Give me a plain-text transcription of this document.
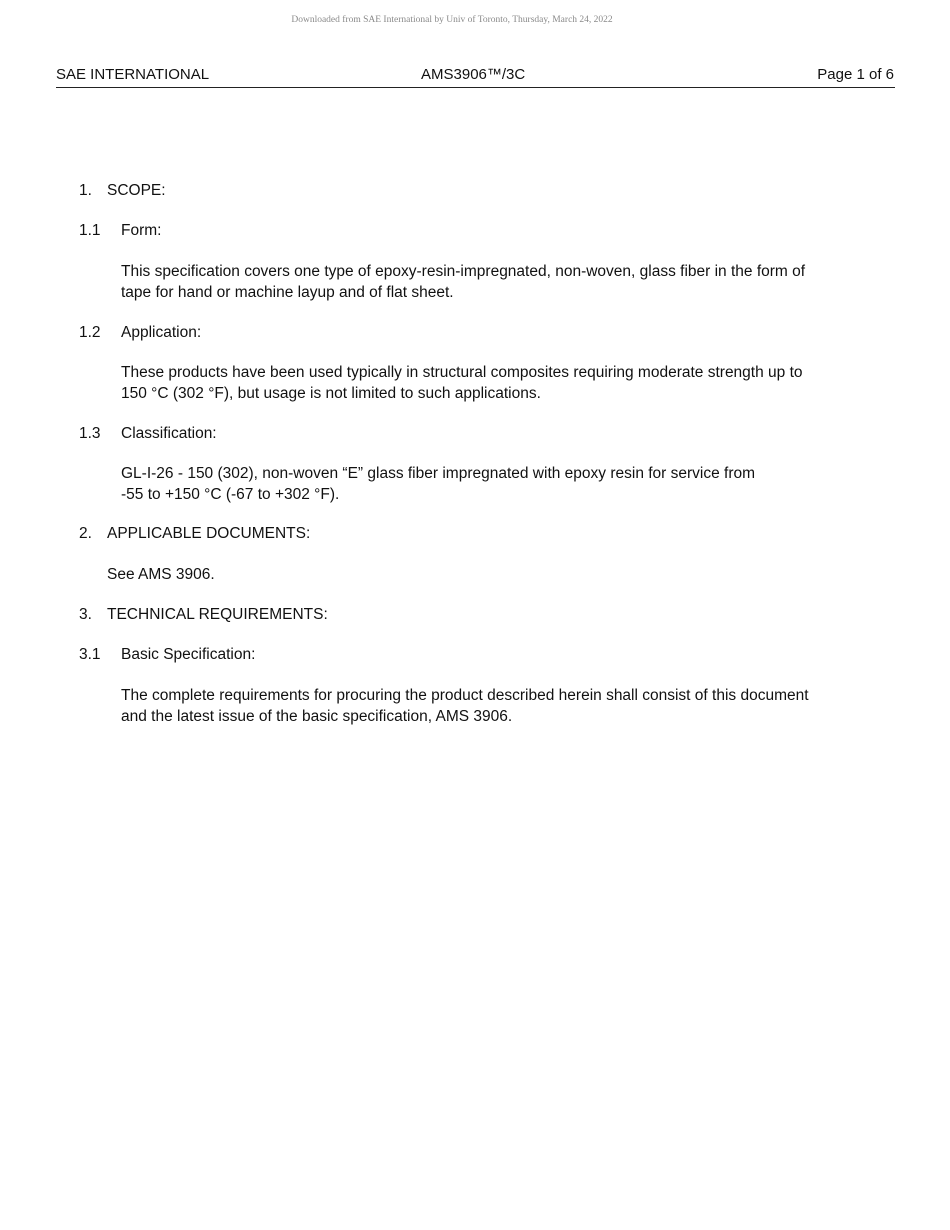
Downloaded from SAE International by Univ of Toronto, Thursday, March 24, 2022
SAE INTERNATIONAL	AMS3906™/3C	Page 1 of 6
1. SCOPE:
1.1 Form:
This specification covers one type of epoxy-resin-impregnated, non-woven, glass fiber in the form of
tape for hand or machine layup and of flat sheet.
1.2 Application:
These products have been used typically in structural composites requiring moderate strength up to
150 °C (302 °F), but usage is not limited to such applications.
1.3 Classification:
GL-I-26 - 150 (302), non-woven “E” glass fiber impregnated with epoxy resin for service from
-55 to +150 °C (-67 to +302 °F).
2. APPLICABLE DOCUMENTS:
See AMS 3906.
3. TECHNICAL REQUIREMENTS:
3.1 Basic Specification:
The complete requirements for procuring the product described herein shall consist of this document
and the latest issue of the basic specification, AMS 3906.
